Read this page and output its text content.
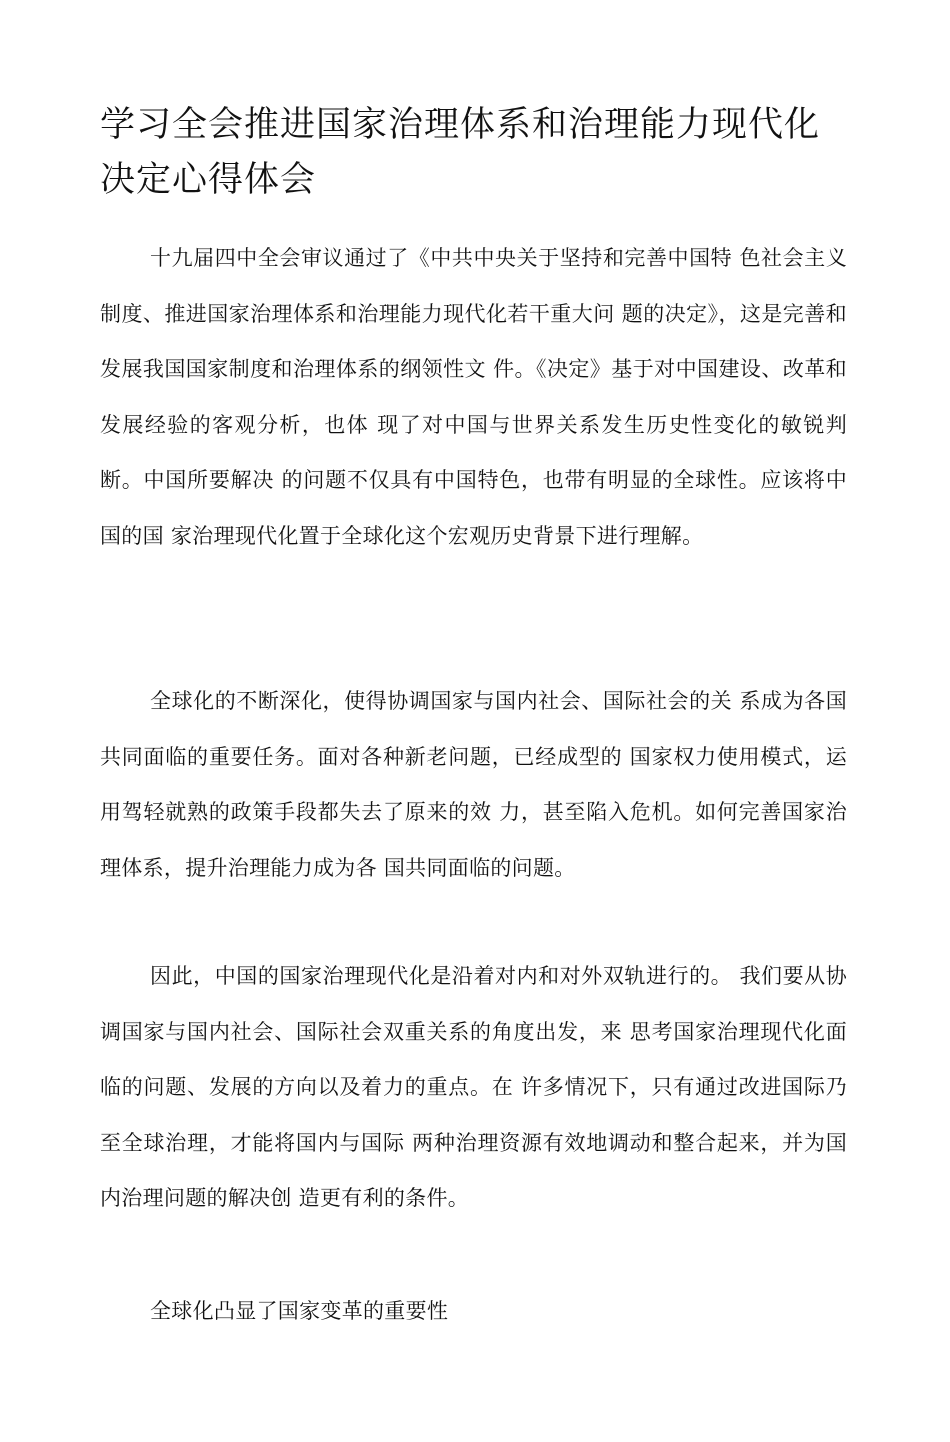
学习全会推进国家治理体系和治理能力现代化决定心得体会

十九届四中全会审议通过了《中共中央关于坚持和完善中国特 色社会主义制度、推进国家治理体系和治理能力现代化若干重大问 题的决定》，这是完善和发展我国国家制度和治理体系的纲领性文 件。《决定》基于对中国建设、改革和发展经验的客观分析，也体 现了对中国与世界关系发生历史性变化的敏锐判断。中国所要解决 的问题不仅具有中国特色，也带有明显的全球性。应该将中国的国 家治理现代化置于全球化这个宏观历史背景下进行理解。

全球化的不断深化，使得协调国家与国内社会、国际社会的关 系成为各国共同面临的重要任务。面对各种新老问题，已经成型的 国家权力使用模式，运用驾轻就熟的政策手段都失去了原来的效 力，甚至陷入危机。如何完善国家治理体系，提升治理能力成为各 国共同面临的问题。

因此，中国的国家治理现代化是沿着对内和对外双轨进行的。 我们要从协调国家与国内社会、国际社会双重关系的角度出发，来 思考国家治理现代化面临的问题、发展的方向以及着力的重点。在 许多情况下，只有通过改进国际乃至全球治理，才能将国内与国际 两种治理资源有效地调动和整合起来，并为国内治理问题的解决创 造更有利的条件。

全球化凸显了国家变革的重要性
